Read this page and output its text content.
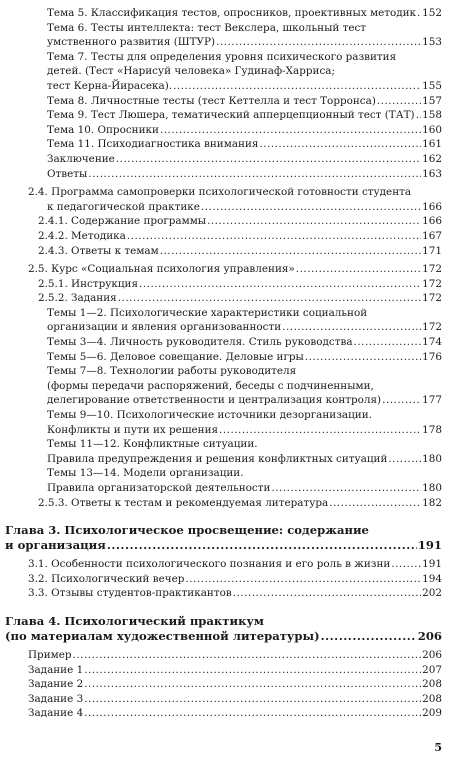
Тема 5. Классификация тестов, опросников, проективных методик ..... 152
Тема 6. Тесты интеллекта: тест Векслера, школьный тест
умственного развития (ШТУР) .....	153
Тема 7. Тесты для определения уровня психического развития
детей. (Тест «Нарисуй человека» Гудинаф-Харриса;
тест Керна-Йирасека). .....	155
Тема 8. Личностные тесты (тест Кеттелла и тест Торронса) .....	157
Тема 9. Тест Люшера, тематический апперцепционный тест (ТАТ) ..... 158
Тема 10. Опросники .....	160
Тема 11. Психодиагностика внимания .....	161
Заключение .....	162
Ответы .....	163
2.4. Программа самопроверки психологической готовности студента
к педагогической практике .....	166
2.4.1. Содержание программы .....	166
2.4.2. Методика .....	167
2.4.3. Ответы к темам .....	171
2.5. Курс «Социальная психология управления» .....	172
2.5.1. Инструкция .....	172
2.5.2. Задания .....	172
Темы 1—2. Психологические характеристики социальной
организации и явления организованности .....	172
Темы 3—4. Личность руководителя. Стиль руководства .....	174
Темы 5—6. Деловое совещание. Деловые игры .....	176
Темы 7—8. Технологии работы руководителя
(формы передачи распоряжений, беседы с подчиненными,
делегирование ответственности и централизация контроля) .....	177
Темы 9—10. Психологические источники дезорганизации.
Конфликты и пути их решения .....	178
Темы 11—12. Конфликтные ситуации.
Правила предупреждения и решения конфликтных ситуаций .....	180
Темы 13—14. Модели организации.
Правила организаторской деятельности .....	180
2.5.3. Ответы к тестам и рекомендуемая литература .....	182
Глава 3. Психологическое просвещение: содержание
и организация .....	191
3.1. Особенности психологического познания и его роль в жизни .....	191
3.2. Психологический вечер .....	194
3.3. Отзывы студентов-практикантов .....	202
Глава 4. Психологический практикум
(по материалам художественной литературы) .....	206
Пример .....	206
Задание 1 .....	207
Задание 2 .....	208
Задание 3 .....	208
Задание 4 .....	209
5
